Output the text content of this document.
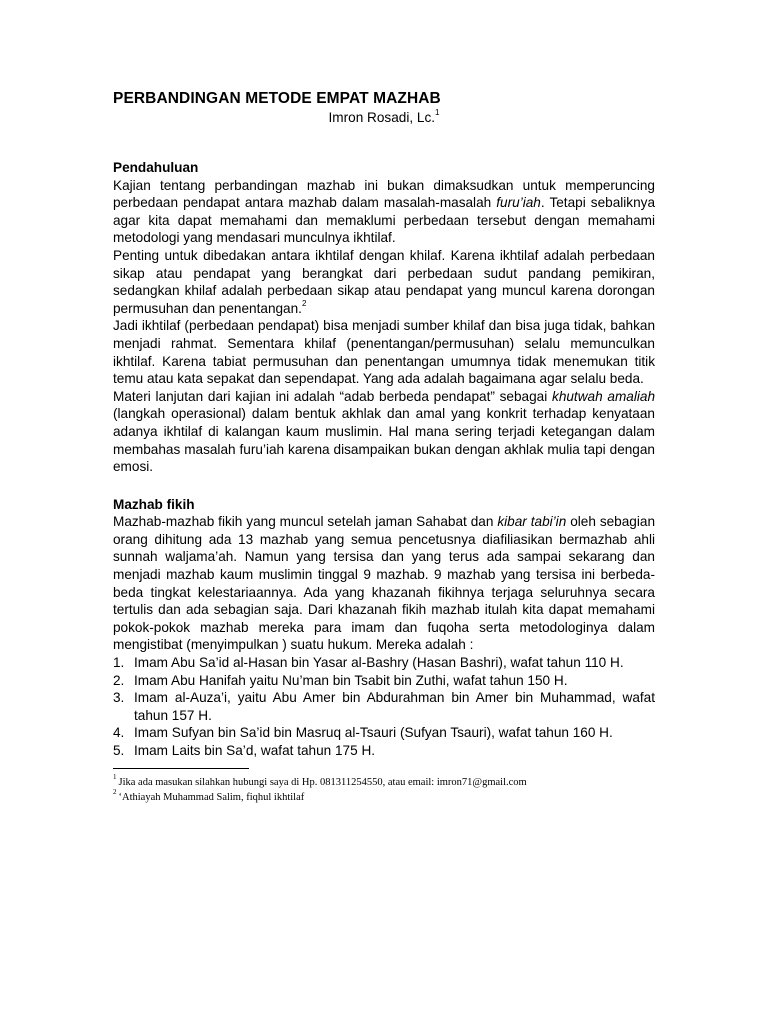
PERBANDINGAN METODE EMPAT MAZHAB

Imron Rosadi, Lc.$^1$

Pendahuluan

Kajian tentang perbandingan mazhab ini bukan dimaksudkan untuk memperuncing perbedaan pendapat antara mazhab dalam masalah-masalah furu’iah. Tetapi sebaliknya agar kita dapat memahami dan memaklumi perbedaan tersebut dengan memahami metodologi yang mendasari munculnya ikhtilaf.

Penting untuk dibedakan antara ikhtilaf dengan khilaf. Karena ikhtilaf adalah perbedaan sikap atau pendapat yang berangkat dari perbedaan sudut pandang pemikiran, sedangkan khilaf adalah perbedaan sikap atau pendapat yang muncul karena dorongan permusuhan dan penentangan.$^2$

Jadi ikhtilaf (perbedaan pendapat) bisa menjadi sumber khilaf dan bisa juga tidak, bahkan menjadi rahmat. Sementara khilaf (penentangan/permusuhan) selalu memunculkan ikhtilaf. Karena tabiat permusuhan dan penentangan umumnya tidak menemukan titik temu atau kata sepakat dan sependapat. Yang ada adalah bagaimana agar selalu beda.

Materi lanjutan dari kajian ini adalah “adab berbeda pendapat” sebagai khutwah amaliah (langkah operasional) dalam bentuk akhlak dan amal yang konkrit terhadap kenyataan adanya ikhtilaf di kalangan kaum muslimin. Hal mana sering terjadi ketegangan dalam membahas masalah furu’iah karena disampaikan bukan dengan akhlak mulia tapi dengan emosi.

Mazhab fikih

Mazhab-mazhab fikih yang muncul setelah jaman Sahabat dan kibar tabi’in oleh sebagian orang dihitung ada 13 mazhab yang semua pencetusnya diafiliasikan bermazhab ahli sunnah waljama’ah. Namun yang tersisa dan yang terus ada sampai sekarang dan menjadi mazhab kaum muslimin tinggal 9 mazhab. 9 mazhab yang tersisa ini berbeda-beda tingkat kelestariaannya. Ada yang khazanah fikihnya terjaga seluruhnya secara tertulis dan ada sebagian saja. Dari khazanah fikih mazhab itulah kita dapat memahami pokok-pokok mazhab mereka para imam dan fuqoha serta metodologinya dalam mengistibat (menyimpulkan ) suatu hukum. Mereka adalah :

1. Imam Abu Sa’id al-Hasan bin Yasar al-Bashry (Hasan Bashri), wafat tahun 110 H.
2. Imam Abu Hanifah yaitu Nu’man bin Tsabit bin Zuthi, wafat tahun 150 H.
3. Imam al-Auza’i, yaitu Abu Amer bin Abdurahman bin Amer bin Muhammad, wafat tahun 157 H.
4. Imam Sufyan bin Sa’id bin Masruq al-Tsauri (Sufyan Tsauri), wafat tahun 160 H.
5. Imam Laits bin Sa’d, wafat tahun 175 H.

$^1$ Jika ada masukan silahkan hubungi saya di Hp. 081311254550, atau email: imron71@gmail.com

$^2$ ‘Athiayah Muhammad Salim, fiqhul ikhtilaf
